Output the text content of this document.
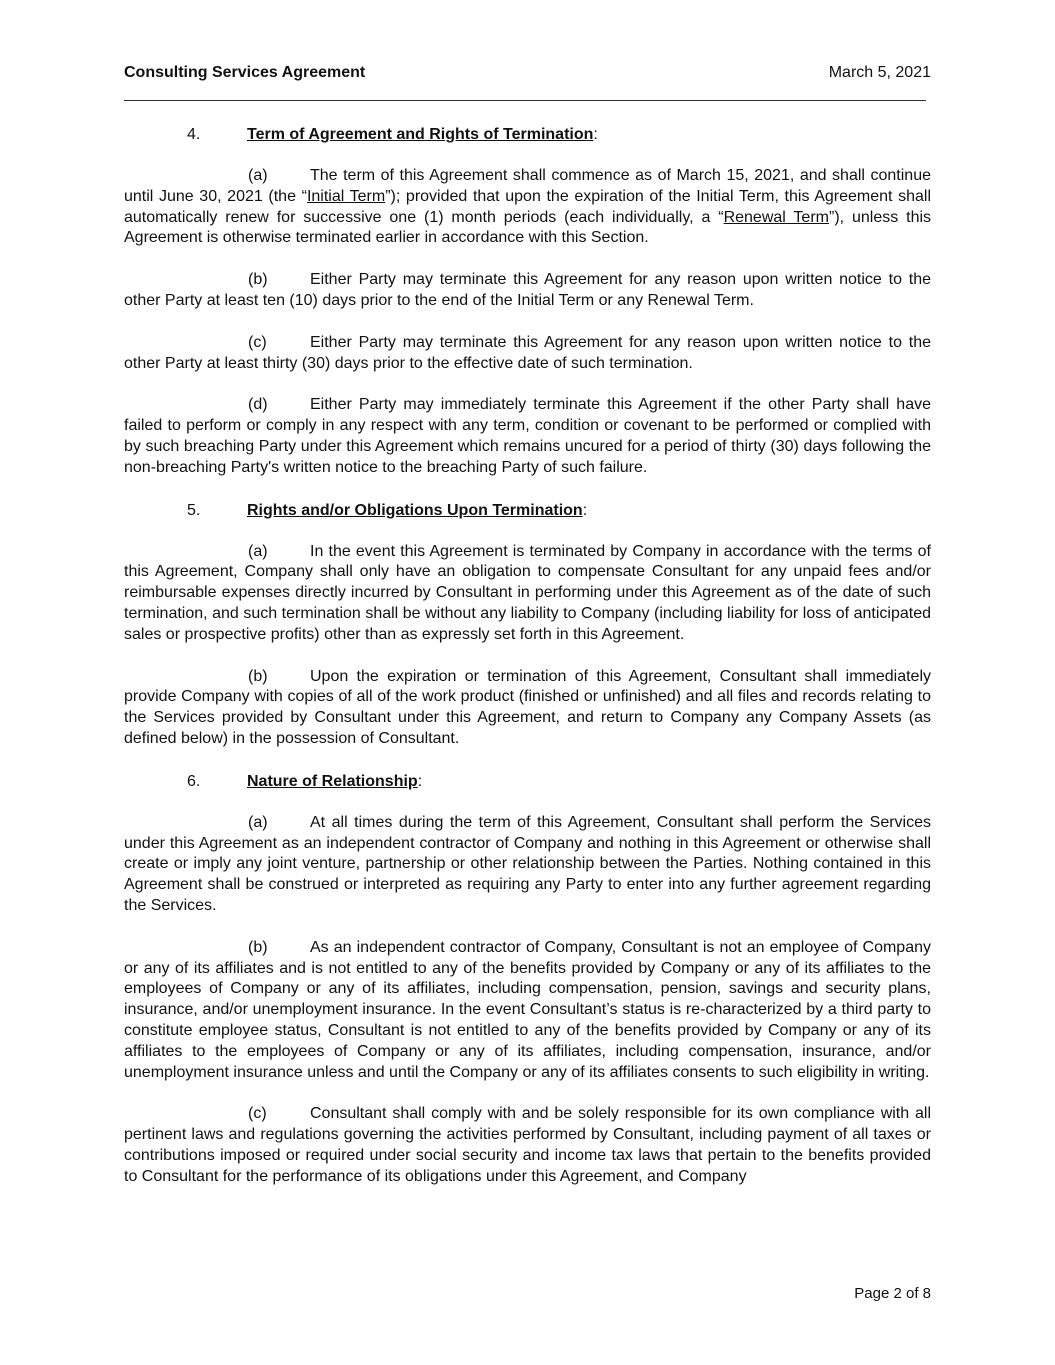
Consulting Services Agreement	March 5, 2021
4.	Term of Agreement and Rights of Termination:

(a)	The term of this Agreement shall commence as of March 15, 2021, and shall continue until June 30, 2021 (the “Initial Term”); provided that upon the expiration of the Initial Term, this Agreement shall automatically renew for successive one (1) month periods (each individually, a “Renewal Term”), unless this Agreement is otherwise terminated earlier in accordance with this Section.

(b)	Either Party may terminate this Agreement for any reason upon written notice to the other Party at least ten (10) days prior to the end of the Initial Term or any Renewal Term.

(c)	Either Party may terminate this Agreement for any reason upon written notice to the other Party at least thirty (30) days prior to the effective date of such termination.

(d)	Either Party may immediately terminate this Agreement if the other Party shall have failed to perform or comply in any respect with any term, condition or covenant to be performed or complied with by such breaching Party under this Agreement which remains uncured for a period of thirty (30) days following the non-breaching Party's written notice to the breaching Party of such failure.

5.	Rights and/or Obligations Upon Termination:

(a)	In the event this Agreement is terminated by Company in accordance with the terms of this Agreement, Company shall only have an obligation to compensate Consultant for any unpaid fees and/or reimbursable expenses directly incurred by Consultant in performing under this Agreement as of the date of such termination, and such termination shall be without any liability to Company (including liability for loss of anticipated sales or prospective profits) other than as expressly set forth in this Agreement.

(b)	Upon the expiration or termination of this Agreement, Consultant shall immediately provide Company with copies of all of the work product (finished or unfinished) and all files and records relating to the Services provided by Consultant under this Agreement, and return to Company any Company Assets (as defined below) in the possession of Consultant.

6.	Nature of Relationship:

(a)	At all times during the term of this Agreement, Consultant shall perform the Services under this Agreement as an independent contractor of Company and nothing in this Agreement or otherwise shall create or imply any joint venture, partnership or other relationship between the Parties. Nothing contained in this Agreement shall be construed or interpreted as requiring any Party to enter into any further agreement regarding the Services.

(b)	As an independent contractor of Company, Consultant is not an employee of Company or any of its affiliates and is not entitled to any of the benefits provided by Company or any of its affiliates to the employees of Company or any of its affiliates, including compensation, pension, savings and security plans, insurance, and/or unemployment insurance. In the event Consultant’s status is re-characterized by a third party to constitute employee status, Consultant is not entitled to any of the benefits provided by Company or any of its affiliates to the employees of Company or any of its affiliates, including compensation, insurance, and/or unemployment insurance unless and until the Company or any of its affiliates consents to such eligibility in writing.

(c)	Consultant shall comply with and be solely responsible for its own compliance with all pertinent laws and regulations governing the activities performed by Consultant, including payment of all taxes or contributions imposed or required under social security and income tax laws that pertain to the benefits provided to Consultant for the performance of its obligations under this Agreement, and Company

Page 2 of 8
